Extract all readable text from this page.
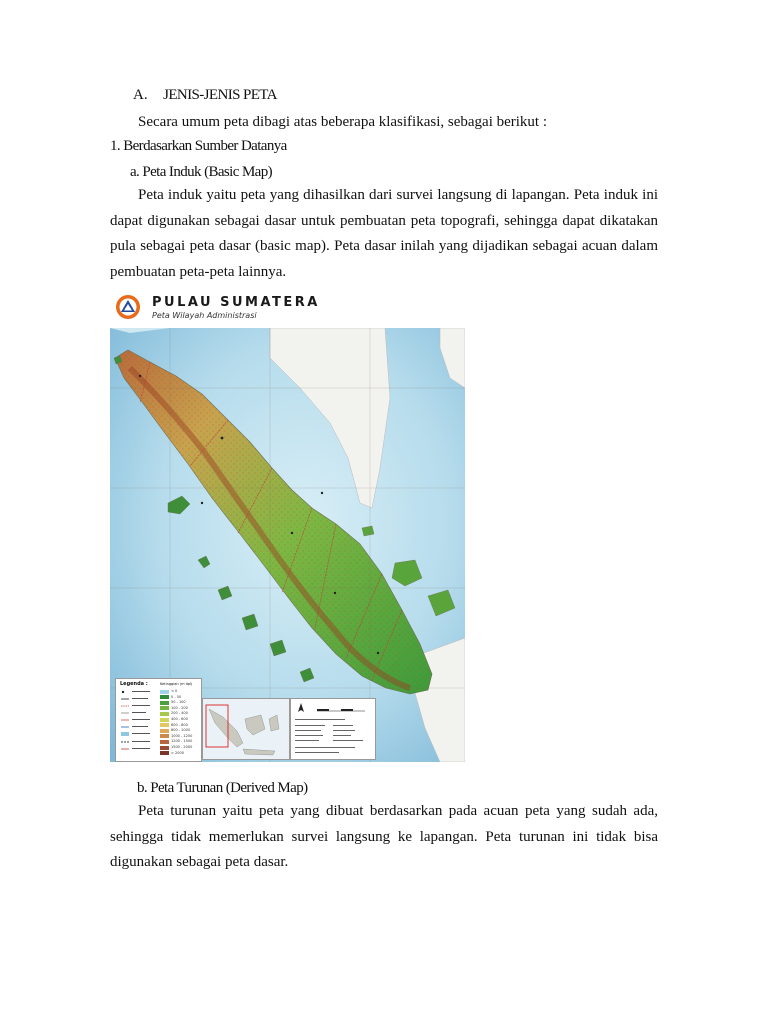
A. JENIS-JENIS PETA
Secara umum peta dibagi atas beberapa klasifikasi, sebagai berikut :
1. Berdasarkan Sumber Datanya
a. Peta Induk (Basic Map)

Peta induk yaitu peta yang dihasilkan dari survei langsung di lapangan. Peta induk ini dapat digunakan sebagai dasar untuk pembuatan peta topografi, sehingga dapat dikatakan pula sebagai peta dasar (basic map). Peta dasar inilah yang dijadikan sebagai acuan dalam pembuatan peta-peta lainnya.

PULAU SUMATERA
Peta Wilayah Administrasi
Legenda :	Ketinggian (m dpl)
< 0
0 - 50
50 - 100
100 - 200
200 - 400
400 - 600
600 - 800
800 - 1000
1000 - 1200
1200 - 1500
1500 - 2000
> 2000
b. Peta Turunan (Derived Map)

Peta turunan yaitu peta yang dibuat berdasarkan pada acuan peta yang sudah ada, sehingga tidak memerlukan survei langsung ke lapangan. Peta turunan ini tidak bisa digunakan sebagai peta dasar.
